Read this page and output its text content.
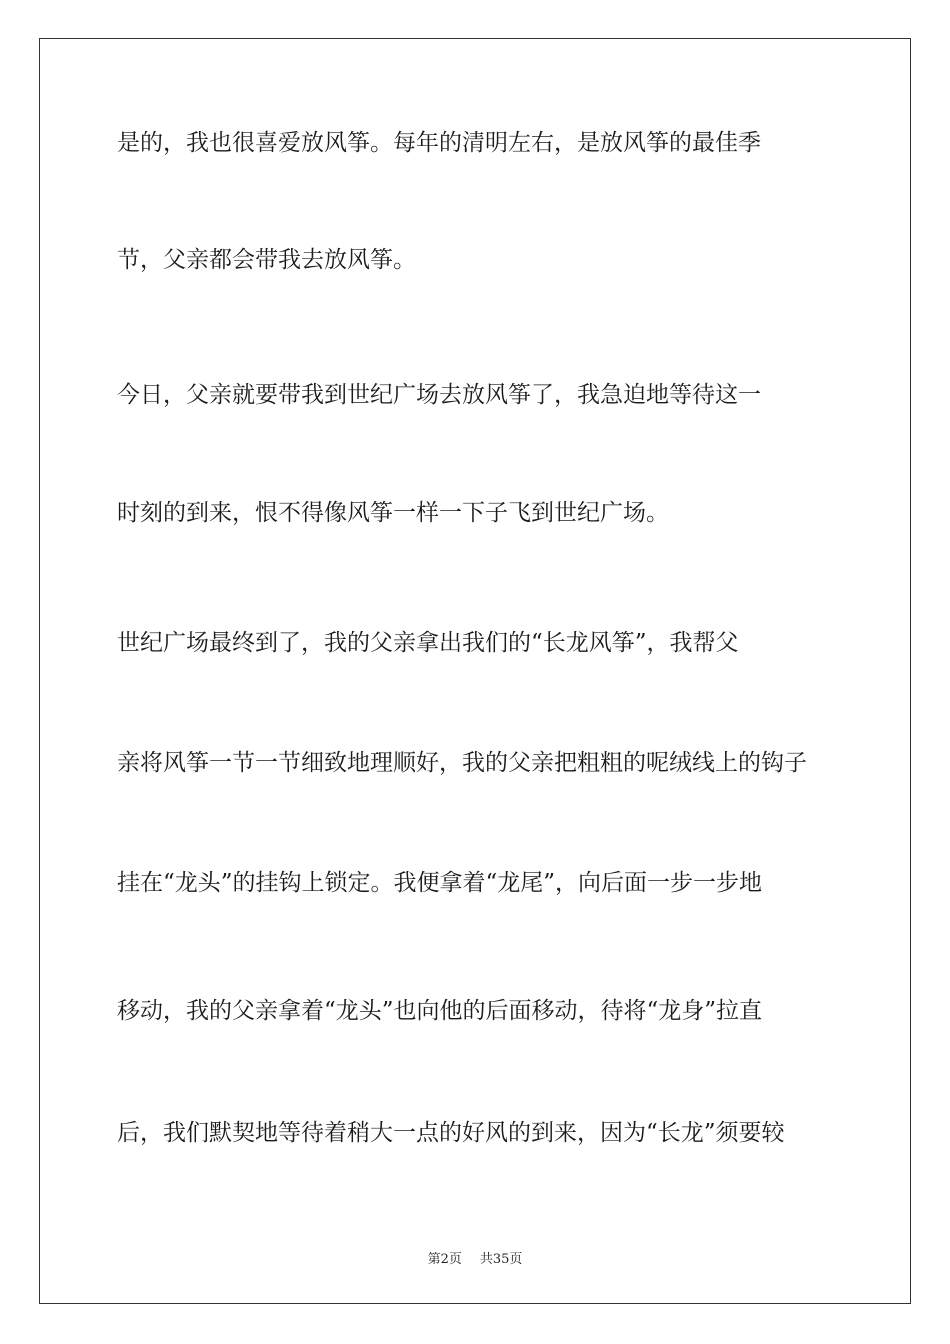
是的，我也很喜爱放风筝。每年的清明左右，是放风筝的最佳季
节，父亲都会带我去放风筝。
今日，父亲就要带我到世纪广场去放风筝了，我急迫地等待这一
时刻的到来，恨不得像风筝一样一下子飞到世纪广场。
世纪广场最终到了，我的父亲拿出我们的“长龙风筝”，我帮父
亲将风筝一节一节细致地理顺好，我的父亲把粗粗的呢绒线上的钩子
挂在“龙头”的挂钩上锁定。我便拿着“龙尾”，向后面一步一步地
移动，我的父亲拿着“龙头”也向他的后面移动，待将“龙身”拉直
后，我们默契地等待着稍大一点的好风的到来，因为“长龙”须要较
第2页 共35页
